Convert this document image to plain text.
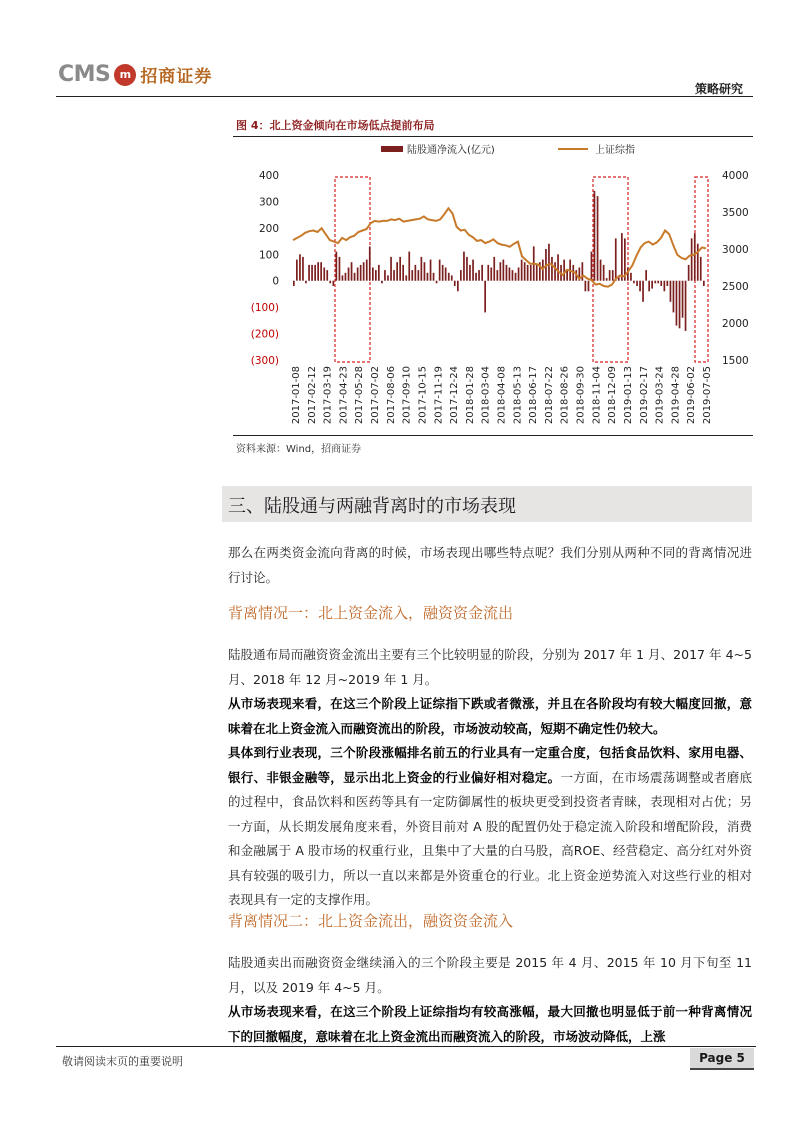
CMS m 招商证券
策略研究
图 4：北上资金倾向在市场低点提前布局
陆股通净流入(亿元)	上证综指
400
300
200
100
0
(100)
(200)
(300)
4000
3500
3000
2500
2000
1500
2017-01-08 2017-02-12 2017-03-19 2017-04-23 2017-05-28 2017-07-02 2017-08-06 2017-09-10 2017-10-15 2017-11-19 2017-12-24 2018-01-28 2018-03-04 2018-04-08 2018-05-13 2018-06-17 2018-07-22 2018-08-26 2018-09-30 2018-11-04 2018-12-09 2019-01-13 2019-02-17 2019-03-24 2019-04-28 2019-06-02 2019-07-05
资料来源：Wind，招商证券
三、陆股通与两融背离时的市场表现
那么在两类资金流向背离的时候，市场表现出哪些特点呢？我们分别从两种不同的背离情况进行讨论。
背离情况一：北上资金流入，融资资金流出
陆股通布局而融资资金流出主要有三个比较明显的阶段，分别为 2017 年 1 月、2017 年 4~5 月、2018 年 12 月~2019 年 1 月。
从市场表现来看，在这三个阶段上证综指下跌或者微涨，并且在各阶段均有较大幅度回撤，意味着在北上资金流入而融资流出的阶段，市场波动较高，短期不确定性仍较大。
具体到行业表现，三个阶段涨幅排名前五的行业具有一定重合度，包括食品饮料、家用电器、银行、非银金融等，显示出北上资金的行业偏好相对稳定。一方面，在市场震荡调整或者磨底的过程中，食品饮料和医药等具有一定防御属性的板块更受到投资者青睐，表现相对占优；另一方面，从长期发展角度来看，外资目前对 A 股的配置仍处于稳定流入阶段和增配阶段，消费和金融属于 A 股市场的权重行业，且集中了大量的白马股，高ROE、经营稳定、高分红对外资具有较强的吸引力，所以一直以来都是外资重仓的行业。北上资金逆势流入对这些行业的相对表现具有一定的支撑作用。
背离情况二：北上资金流出，融资资金流入
陆股通卖出而融资资金继续涌入的三个阶段主要是 2015 年 4 月、2015 年 10 月下旬至 11 月，以及 2019 年 4~5 月。
从市场表现来看，在这三个阶段上证综指均有较高涨幅，最大回撤也明显低于前一种背离情况下的回撤幅度，意味着在北上资金流出而融资流入的阶段，市场波动降低，上涨
敬请阅读末页的重要说明	Page 5
